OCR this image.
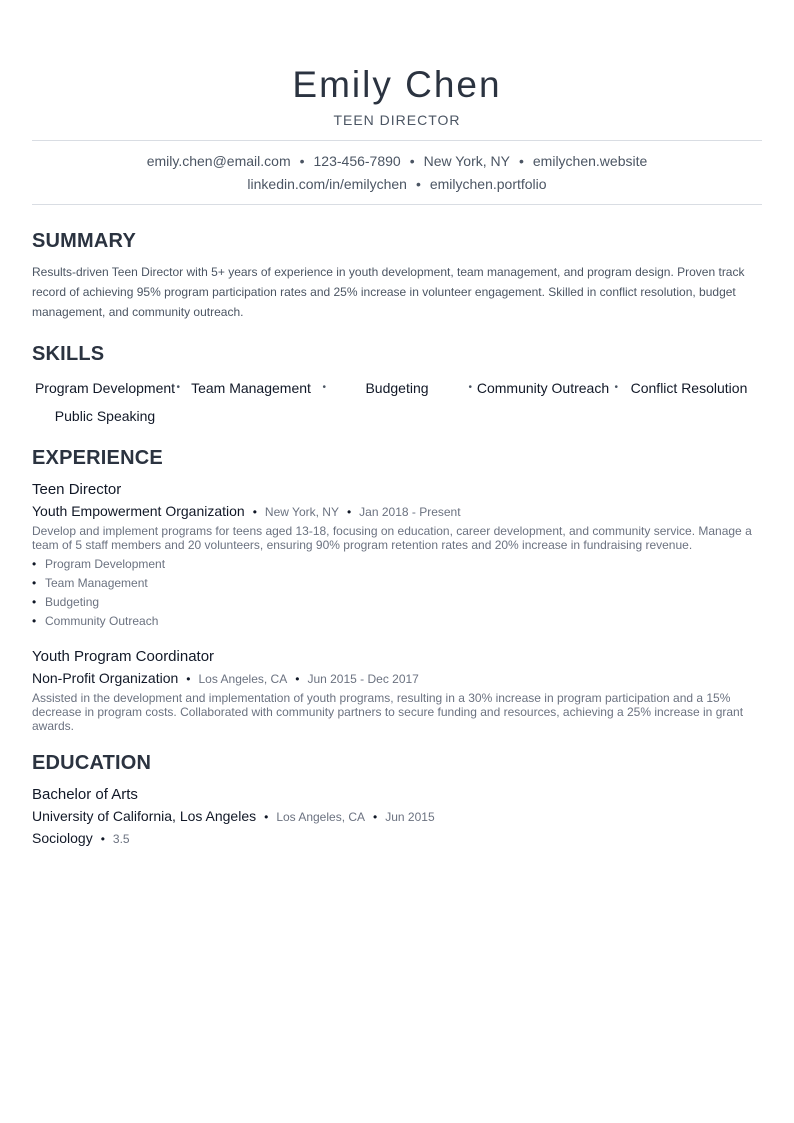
Emily Chen
TEEN DIRECTOR
emily.chen@email.com • 123-456-7890 • New York, NY • emilychen.website
linkedin.com/in/emilychen • emilychen.portfolio
SUMMARY
Results-driven Teen Director with 5+ years of experience in youth development, team management, and program design. Proven track record of achieving 95% program participation rates and 25% increase in volunteer engagement. Skilled in conflict resolution, budget management, and community outreach.
SKILLS
Program Development • Team Management •	Budgeting	• Community Outreach • Conflict Resolution
Public Speaking
EXPERIENCE
Teen Director
Youth Empowerment Organization • New York, NY • Jan 2018 - Present
Develop and implement programs for teens aged 13-18, focusing on education, career development, and community service. Manage a team of 5 staff members and 20 volunteers, ensuring 90% program retention rates and 20% increase in fundraising revenue.
• Program Development
• Team Management
• Budgeting
• Community Outreach
Youth Program Coordinator
Non-Profit Organization • Los Angeles, CA • Jun 2015 - Dec 2017
Assisted in the development and implementation of youth programs, resulting in a 30% increase in program participation and a 15% decrease in program costs. Collaborated with community partners to secure funding and resources, achieving a 25% increase in grant awards.
EDUCATION
Bachelor of Arts
University of California, Los Angeles • Los Angeles, CA • Jun 2015
Sociology • 3.5
